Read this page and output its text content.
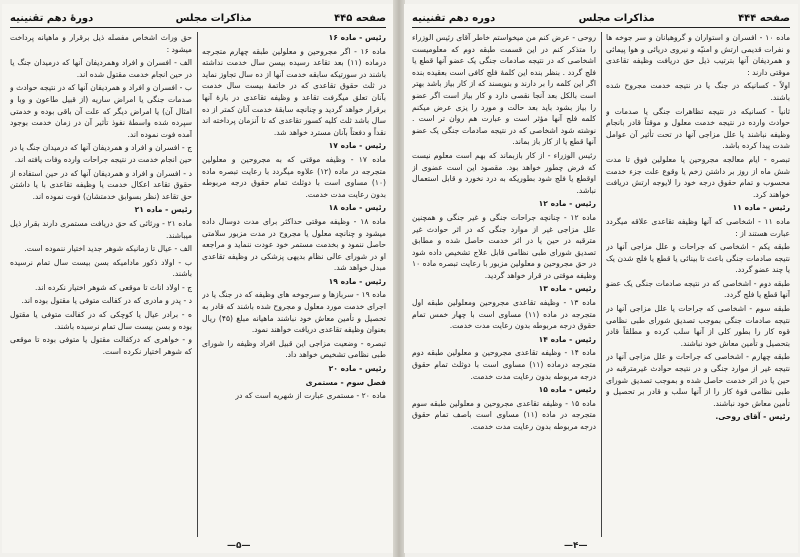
صفحه ۴۴۵
مذاکرات مجلس
دورهٔ دهم تقنینیه

رئیس - ماده ۱۶

ماده ۱۶ - اگر مجروحین و معلولین طبقه چهارم متجرجه درماده (۱۱) بعد تقاعد رسیده بیسن سال خدمت نداشته باشند در سورتیکه سابقه خدمت آنها از ده سال تجاوز نماید در ثلث حقوق تقاعدی که در خاتمهٔ بیست سال خدمت بآنان تعلق میگرفت تقاعد و وظیفه تقاعدی در بارهٔ آنها برقرار خواهد گردید و چنانچه سابقهٔ خدمت آنان کمتر از ده سال باشد ثلث کلیه کسور تقاعدی که تا آنزمان پرداخته اند نقداً و دفعتاً بآنان مسترد خواهد شد.

رئیس - ماده ۱۷

ماده ۱۷ - وظیفه موقتی که به مجروحین و معلولین متجرجه در ماده (۱۲) علاوه میگردد با رعایت تبصره ماده (۱۰) مساوی است با دوثلث تمام حقوق درجه مربوطه بدون رعایت مدت خدمت.

رئیس - ماده ۱۸

ماده ۱۸ - وظیفه موقتی حداکثر برای مدت دوسال داده میشود و چنانچه معلول یا مجروح در مدت مزبور سلامتی حاصل ننمود و بخدمت مستمر خود عودت ننماید و مراجعه او در شورای عالی نظام بدیهی پزشکی در وظیفه تقاعدی مبدل خواهد شد.

رئیس - ماده ۱۹

ماده ۱۹ - سربازها و سرجوخه های وظیفه که در جنگ یا در اجرای خدمت مورد معلول و مجروح شده باشند که قادر به تحصیل و تأمین معاش خود نباشند ماهیانه مبلغ (۴۵) ریال بعنوان وظیفه تقاعدی دریافت خواهند نمود.

تبصره - وضعیت مزاجی این قبیل افراد وظیفه را شورای طبی نظامی تشخیص خواهد داد.

رئیس - ماده ۲۰

فصل سوم - مستمری

ماده ۲۰ - مستمری عبارت از شهریه است که در

حق وراث اشخاص مفصله ذیل برقرار و ماهیانه پرداخت میشود :

الف - افسران و افراد وهمردیفان آنها که درمیدان جنگ یا در حین انجام خدمت مقتول شده اند.

ب - افسران و افراد و همردیفان آنها که در نتیجه حوادث و صدمات جنگی یا امراض ساریه (از قبیل طاعون و وبا و امثال آن) یا امراض دیگر که علت آن باقی بوده و خدمتی سپرده شده واسطهٔ نفوذ تأثیر آن در زمان خدمت بوجود آمده فوت نموده اند.

ج - افسران و افراد و همردیفان آنها که درمیدان جنگ یا در حین انجام خدمت در نتیجه جراحات وارده وفات یافته اند.

د - افسران و افراد و همردیفان آنها که در حین استفاده از حقوق تقاعد اعکال خدمت یا وظیفه تقاعدی با یا داشتن حق تقاعد (نظر بسوابق خدمتشان) فوت نموده اند.

رئیس - ماده ۲۱

ماده ۲۱ - ورثائی که حق دریافت مستمری دارند بقرار ذیل میباشند.

الف - عیال تا زمانیکه شوهر جدید اختیار ننموده است.

ب - اولاد ذکور مادامیکه بسن بیست سال تمام نرسیده باشند.

ج - اولاد اناث تا موقعی که شوهر اختیار نکرده اند.

د - پدر و مادری که در کفالت متوفی یا مقتول بوده اند.

ه - برادر عیال یا کوچکی که در کفالت متوفی یا مقتول بوده و بسن بیست سال تمام نرسیده باشند.

و - خواهری که درکفالت مقتول یا متوفی بوده تا موقعی که شوهر اختیار نکرده است.

—۵—
صفحه ۴۴۴
مذاکرات مجلس
دوره دهم تقنینیه

ماده ۱۰ - افسران و استواران و گروهبانان و سر جوخه ها و نفرات قدیمی ارتش و امنیّه و نیروی دریائی و هوا پیمائی و همردیفان آنها بترتیب ذیل حق دریافت وظیفه تقاعدی موقتی دارند :

اولاً - کسانیکه در جنگ یا در نتیجه خدمت مجروح شده باشند.

ثانیاً - کسانیکه در نتیجه تظاهرات جنگی یا صدمات و حوادث وارده در نتیجه خدمت معلول و موقتاً قادر بانجام وظیفه نباشند یا علل مزاجی آنها در تحت تأثیر آن عوامل شدت پیدا کرده باشد.

تبصره - ایام معالجه مجروحین یا معلولین فوق تا مدت شش ماه از روز بر داشتن زخم یا وقوع علت جزء خدمت محسوب و تمام حقوق درجه خود را لایوجه ارتش دریافت خواهند کرد.

رئیس - ماده ۱۱

ماده ۱۱ - اشخاصی که آنها وظیفه تقاعدی علاقه میگردد عبارت هستند از :

طبقه یکم - اشخاصی که جراحات و علل مزاجی آنها در نتیجه صادمات جنگی باعث تا بینائی یا قطع یا فلج شدن یک یا چند عضو گردد.

طبقه دوم - اشخاصی که در نتیجه صادمات جنگی یک عضو آنها قطع یا فلج گردد.

طبقه سوم - اشخاصی که جراحات یا علل مزاجی آنها در نتیجه صادمات جنگی بموجب تصدیق شورای طبی نظامی قوه کار را بطور کلی از آنها سلب کرده و مطلقاً قادر بتحصیل و تأمین معاش خود نباشند.

طبقه چهارم - اشخاصی که جراحات و علل مزاجی آنها در نتیجه غیر از موارد جنگی و در نتیجه حوادث غیرمترقبه در حین یا در اثر خدمت حاصل شده و بموجب تصدیق شورای طبی نظامی قوهٔ کار را از آنها سلب و قادر بر تحصیل و تأمین معاش خود نباشند.

رئیس - آقای روحی.

روحی - عرض کنم من میخواستم خاطر آقای رئیس الوزراء را متذکر کنم در این قسمت طبقه دوم که معلومیست اشخاصی که در نتیجه صادمات جنگی یک عضو آنها قطع یا فلج گردد . بنظر بنده این کلمهٔ فلج کافی است بعقیده بنده اگر این کلمه را بر دارند و بنویسند که از کار بیاز باشد بهتر است بالکل بعد آنجا نقصی دارد و کار بیاز است اگر عضو را بیاز بشود باید بعد حالت و مورد را یزی عرض میکنم کلمه فلج آنها مؤثر است و عبارت هم روان تر است . نوشته شود اشخاصی که در نتیجه صادمات جنگی یک عضو آنها قطع یا از کار باز بماند.

رئیس الوزراء - از کار بازبماند که بهم است معلوم نیست که فرض چطور خواهد بود. مقصود این است عضوی از اوقطع یا فلج شود بطوریکه به درد نخورد و قابل استعمال نباشد.

رئیس - ماده ۱۲

ماده ۱۲ - چنانچه جراحات جنگی و غیر جنگی و همچنین علل مزاجی غیر از موارد جنگی که در اثر حوادث غیر مترقبه در حین یا در اثر خدمت حاصل شده و مطابق تصدیق شورای طبی نظامی قابل علاج تشخیص داده شود در حق مجروحین و معلولین مزبور با رعایت تبصره ماده ۱۰ وظیفه موقتی در قرار خواهد گردید.

رئیس - ماده ۱۳

ماده ۱۳ - وظیفه تقاعدی مجروحین ومعلولین طبقه اول متجرجه در ماده (۱۱) مساوی است با چهار خمس تمام حقوق درجه مربوطه بدون رعایت مدت خدمت.

رئیس - ماده ۱۴

ماده ۱۴ - وظیفه تقاعدی مجروحین و معلولین طبقه دوم متجرجه درماده (۱۱) مساوی است با دوثلث تمام حقوق درجه مربوطه بدون رعایت مدت خدمت.

رئیس - ماده ۱۵

ماده ۱۵ - وظیفه تقاعدی مجروحین و معلولین طبقه سوم متجرجه در ماده (۱۱) مساوی است باصف تمام حقوق درجه مربوطه بدون رعایت مدت خدمت.

—۴—
